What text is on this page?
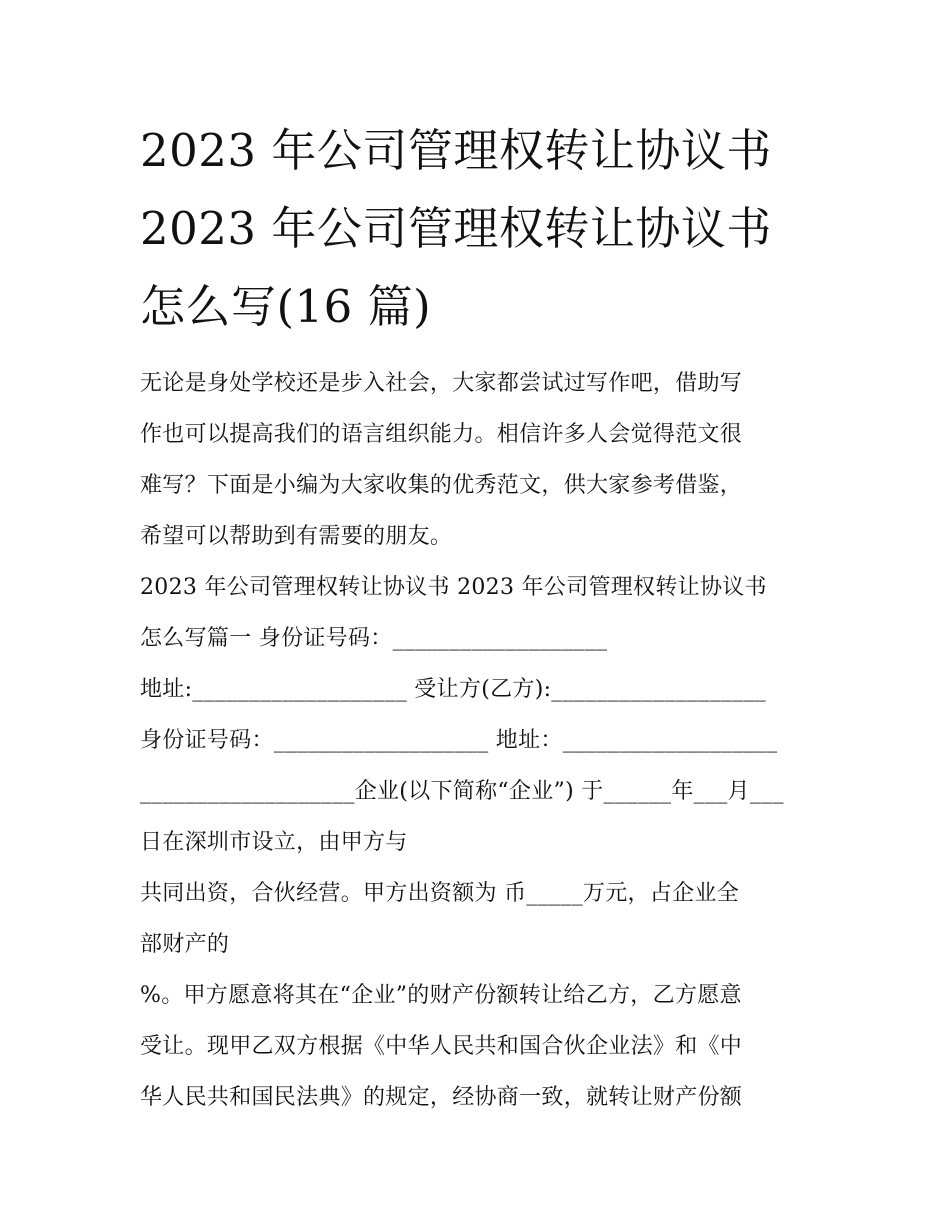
2023 年公司管理权转让协议书
2023 年公司管理权转让协议书
怎么写(16 篇)
无论是身处学校还是步入社会，大家都尝试过写作吧，借助写
作也可以提高我们的语言组织能力。相信许多人会觉得范文很
难写？下面是小编为大家收集的优秀范文，供大家参考借鉴，
希望可以帮助到有需要的朋友。
2023 年公司管理权转让协议书 2023 年公司管理权转让协议书
怎么写篇一 身份证号码：___________________
地址:___________________ 受让方(乙方):___________________
身份证号码：___________________ 地址：___________________
___________________企业(以下简称“企业”) 于______年___月___
日在深圳市设立，由甲方与
共同出资，合伙经营。甲方出资额为 币_____万元，占企业全
部财产的
%。甲方愿意将其在“企业”的财产份额转让给乙方，乙方愿意
受让。现甲乙双方根据《中华人民共和国合伙企业法》和《中
华人民共和国民法典》的规定，经协商一致，就转让财产份额
